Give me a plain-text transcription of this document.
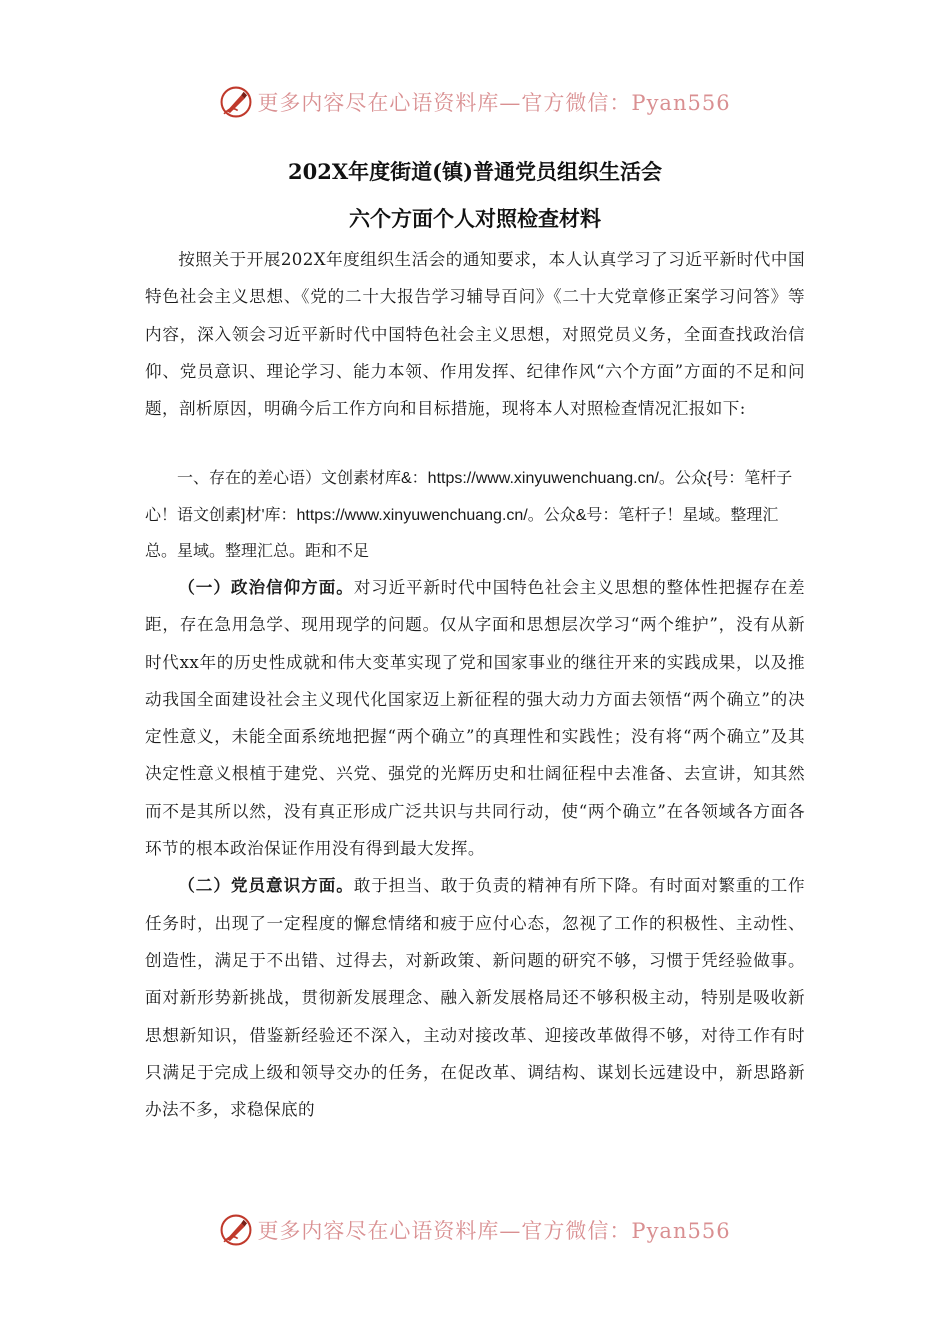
更多内容尽在心语资料库—官方微信：Pyan556
202X年度街道(镇)普通党员组织生活会
六个方面个人对照检查材料

按照关于开展202X年度组织生活会的通知要求，本人认真学习了习近平新时代中国特色社会主义思想、《党的二十大报告学习辅导百问》《二十大党章修正案学习问答》等内容，深入领会习近平新时代中国特色社会主义思想，对照党员义务，全面查找政治信仰、党员意识、理论学习、能力本领、作用发挥、纪律作风“六个方面”方面的不足和问题，剖析原因，明确今后工作方向和目标措施，现将本人对照检查情况汇报如下:

一、存在的差心语）文创素材库&：https://www.xinyuwenchuang.cn/。公众{号：笔杆子心！语文创素]材'库：https://www.xinyuwenchuang.cn/。公众&号：笔杆子！星域。整理汇总。星域。整理汇总。距和不足

（一）政治信仰方面。对习近平新时代中国特色社会主义思想的整体性把握存在差距，存在急用急学、现用现学的问题。仅从字面和思想层次学习“两个维护”，没有从新时代xx年的历史性成就和伟大变革实现了党和国家事业的继往开来的实践成果，以及推动我国全面建设社会主义现代化国家迈上新征程的强大动力方面去领悟“两个确立”的决定性意义，未能全面系统地把握“两个确立”的真理性和实践性；没有将“两个确立”及其决定性意义根植于建党、兴党、强党的光辉历史和壮阔征程中去准备、去宣讲，知其然而不是其所以然，没有真正形成广泛共识与共同行动，使“两个确立”在各领域各方面各环节的根本政治保证作用没有得到最大发挥。

（二）党员意识方面。敢于担当、敢于负责的精神有所下降。有时面对繁重的工作任务时，出现了一定程度的懈怠情绪和疲于应付心态，忽视了工作的积极性、主动性、创造性，满足于不出错、过得去，对新政策、新问题的研究不够，习惯于凭经验做事。面对新形势新挑战，贯彻新发展理念、融入新发展格局还不够积极主动，特别是吸收新思想新知识，借鉴新经验还不深入，主动对接改革、迎接改革做得不够，对待工作有时只满足于完成上级和领导交办的任务，在促改革、调结构、谋划长远建设中，新思路新办法不多，求稳保底的

更多内容尽在心语资料库—官方微信：Pyan556
